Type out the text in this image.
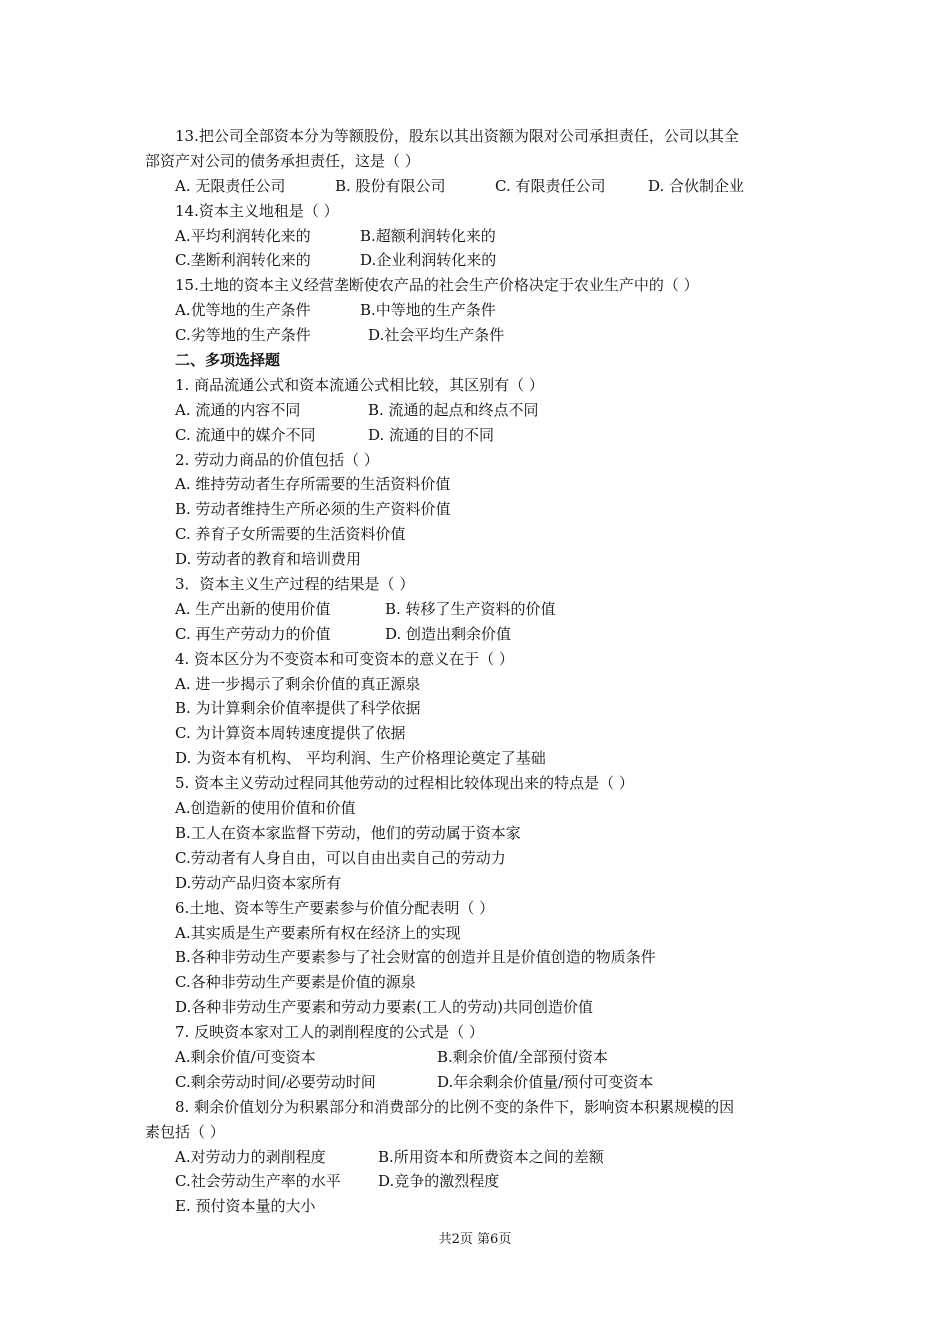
13.把公司全部资本分为等额股份，股东以其出资额为限对公司承担责任，公司以其全
部资产对公司的债务承担责任，这是（ ）
A. 无限责任公司	B. 股份有限公司	C. 有限责任公司	D. 合伙制企业
14.资本主义地租是（ ）
A.平均利润转化来的	B.超额利润转化来的
C.垄断利润转化来的	D.企业利润转化来的
15.土地的资本主义经营垄断使农产品的社会生产价格决定于农业生产中的（ ）
A.优等地的生产条件	B.中等地的生产条件
C.劣等地的生产条件	D.社会平均生产条件
二、多项选择题
1. 商品流通公式和资本流通公式相比较，其区别有（ ）
A. 流通的内容不同	B. 流通的起点和终点不同
C. 流通中的媒介不同	D. 流通的目的不同
2. 劳动力商品的价值包括（ ）
A. 维持劳动者生存所需要的生活资料价值
B. 劳动者维持生产所必须的生产资料价值
C. 养育子女所需要的生活资料价值
D. 劳动者的教育和培训费用
3．资本主义生产过程的结果是（ ）
A. 生产出新的使用价值	B. 转移了生产资料的价值
C. 再生产劳动力的价值	D. 创造出剩余价值
4. 资本区分为不变资本和可变资本的意义在于（ ）
A. 进一步揭示了剩余价值的真正源泉
B. 为计算剩余价值率提供了科学依据
C. 为计算资本周转速度提供了依据
D. 为资本有机构、 平均利润、生产价格理论奠定了基础
5. 资本主义劳动过程同其他劳动的过程相比较体现出来的特点是（ ）
A.创造新的使用价值和价值
B.工人在资本家监督下劳动，他们的劳动属于资本家
C.劳动者有人身自由，可以自由出卖自己的劳动力
D.劳动产品归资本家所有
6.土地、资本等生产要素参与价值分配表明（ ）
A.其实质是生产要素所有权在经济上的实现
B.各种非劳动生产要素参与了社会财富的创造并且是价值创造的物质条件
C.各种非劳动生产要素是价值的源泉
D.各种非劳动生产要素和劳动力要素(工人的劳动)共同创造价值
7. 反映资本家对工人的剥削程度的公式是（ ）
A.剩余价值/可变资本	B.剩余价值/全部预付资本
C.剩余劳动时间/必要劳动时间	D.年余剩余价值量/预付可变资本
8. 剩余价值划分为积累部分和消费部分的比例不变的条件下，影响资本积累规模的因
素包括（ ）
A.对劳动力的剥削程度	B.所用资本和所费资本之间的差额
C.社会劳动生产率的水平 D.竞争的激烈程度
E. 预付资本量的大小
共2页 第6页
